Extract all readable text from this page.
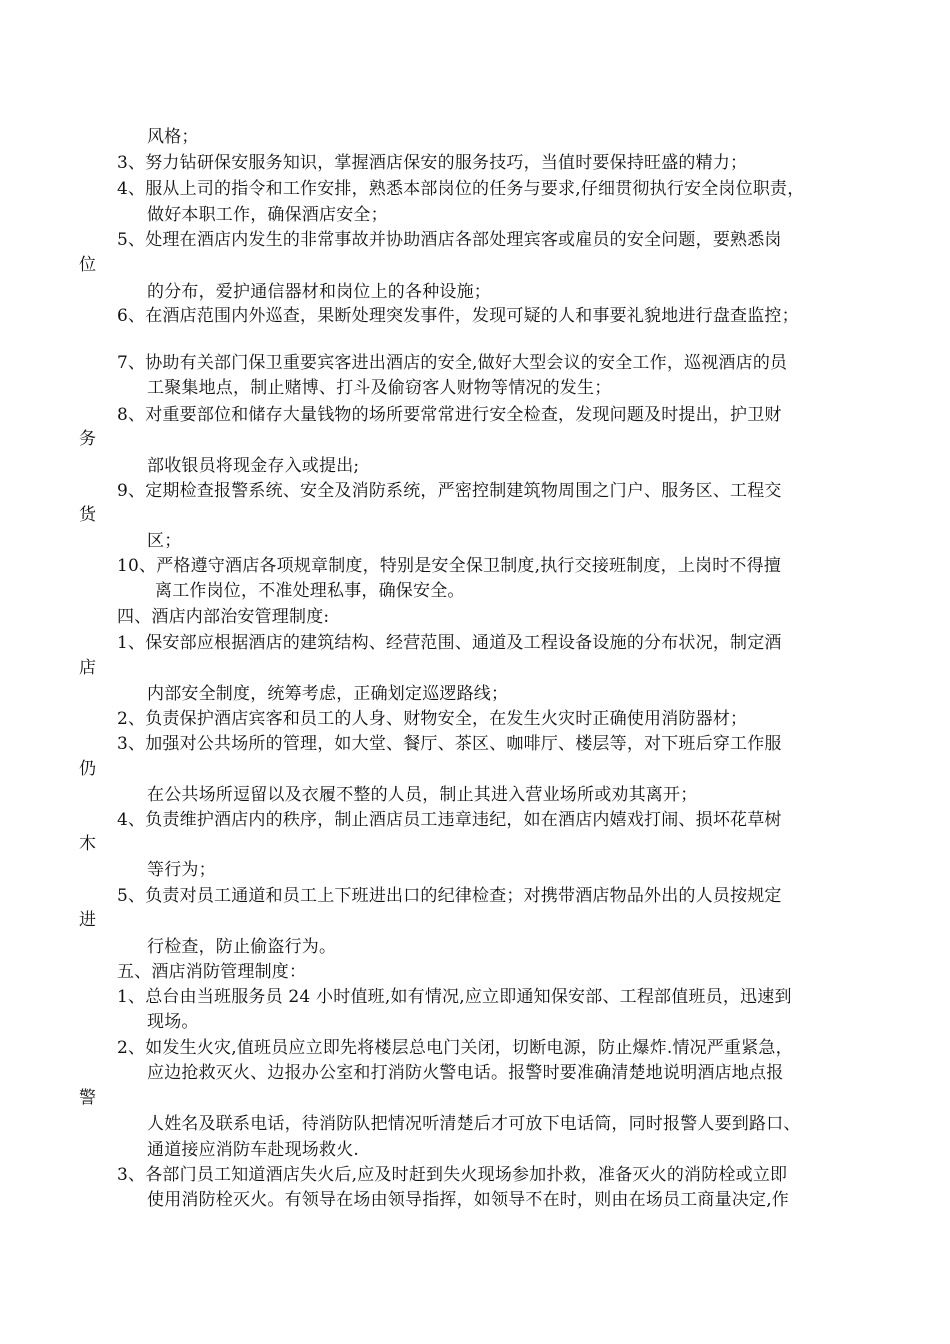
风格；
3、努力钻研保安服务知识，掌握酒店保安的服务技巧，当值时要保持旺盛的精力；
4、服从上司的指令和工作安排，熟悉本部岗位的任务与要求,仔细贯彻执行安全岗位职责，
做好本职工作，确保酒店安全；
5、处理在酒店内发生的非常事故并协助酒店各部处理宾客或雇员的安全问题，要熟悉岗
位
的分布，爱护通信器材和岗位上的各种设施；
6、在酒店范围内外巡查，果断处理突发事件，发现可疑的人和事要礼貌地进行盘查监控；
7、协助有关部门保卫重要宾客进出酒店的安全,做好大型会议的安全工作，巡视酒店的员
工聚集地点，制止赌博、打斗及偷窃客人财物等情况的发生；
8、对重要部位和储存大量钱物的场所要常常进行安全检查，发现问题及时提出，护卫财
务
部收银员将现金存入或提出;
9、定期检查报警系统、安全及消防系统，严密控制建筑物周围之门户、服务区、工程交
货
区；
10、严格遵守酒店各项规章制度，特别是安全保卫制度,执行交接班制度，上岗时不得擅
离工作岗位，不准处理私事，确保安全。
四、酒店内部治安管理制度:
1、保安部应根据酒店的建筑结构、经营范围、通道及工程设备设施的分布状况，制定酒
店
内部安全制度，统筹考虑，正确划定巡逻路线；
2、负责保护酒店宾客和员工的人身、财物安全，在发生火灾时正确使用消防器材；
3、加强对公共场所的管理，如大堂、餐厅、茶区、咖啡厅、楼层等，对下班后穿工作服
仍
在公共场所逗留以及衣履不整的人员，制止其进入营业场所或劝其离开；
4、负责维护酒店内的秩序，制止酒店员工违章违纪，如在酒店内嬉戏打闹、损坏花草树
木
等行为；
5、负责对员工通道和员工上下班进出口的纪律检查；对携带酒店物品外出的人员按规定
进
行检查，防止偷盗行为。
五、酒店消防管理制度：
1、总台由当班服务员 24 小时值班,如有情况,应立即通知保安部、工程部值班员，迅速到
现场。
2、如发生火灾,值班员应立即先将楼层总电门关闭，切断电源，防止爆炸.情况严重紧急，
应边抢救灭火、边报办公室和打消防火警电话。报警时要准确清楚地说明酒店地点报
警
人姓名及联系电话，待消防队把情况听清楚后才可放下电话筒，同时报警人要到路口、
通道接应消防车赴现场救火.
3、各部门员工知道酒店失火后,应及时赶到失火现场参加扑救，准备灭火的消防栓或立即
使用消防栓灭火。有领导在场由领导指挥，如领导不在时，则由在场员工商量决定,作
